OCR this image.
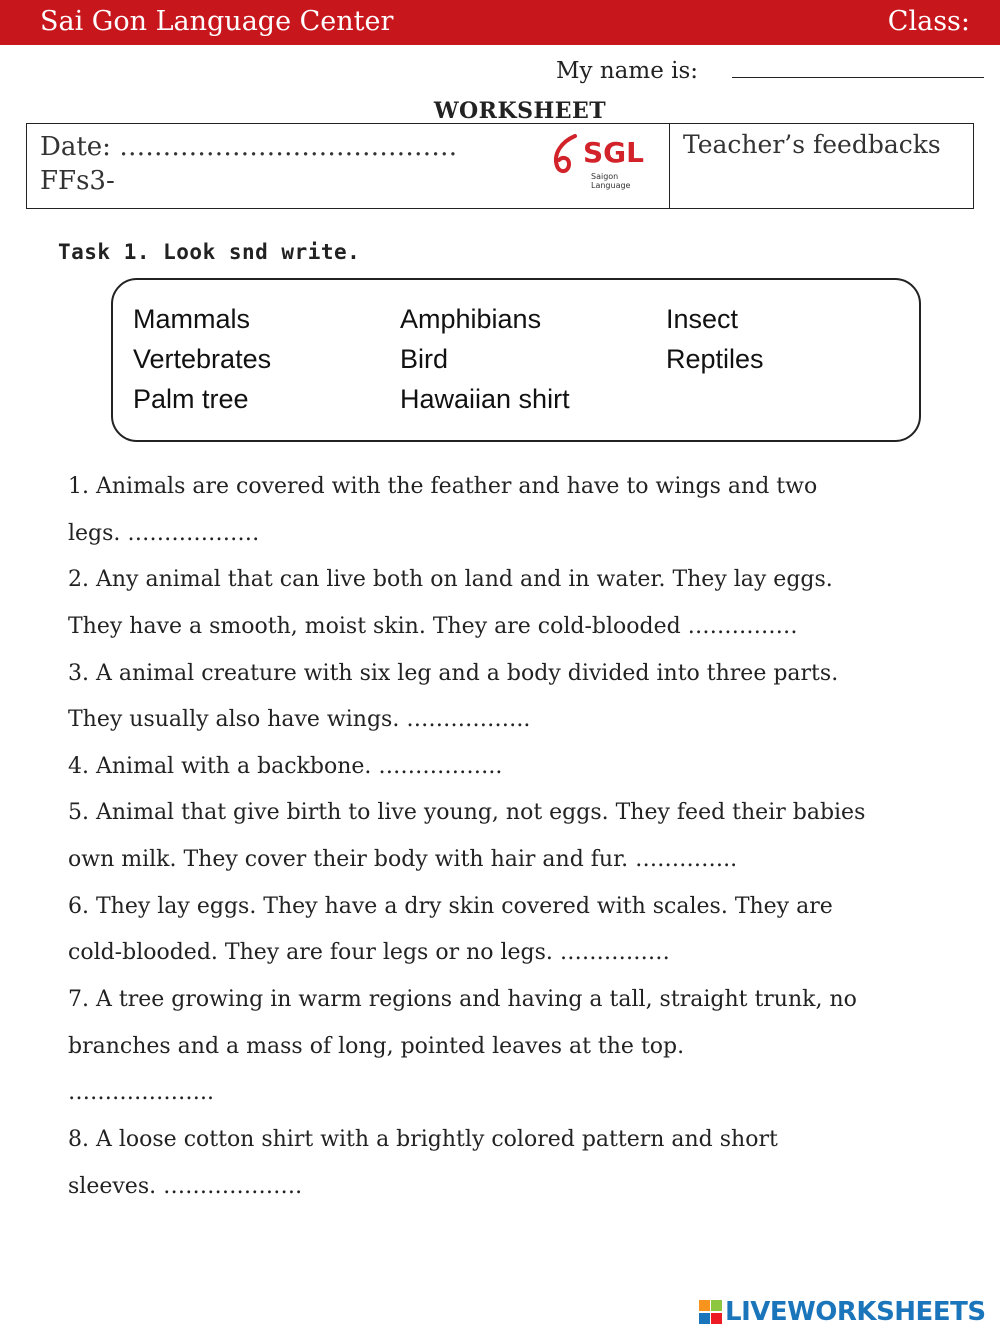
Sai Gon Language Center	Class:
My name is:
WORKSHEET
Date: …………………………………
FFs3-
SGL
Saigon Language
Teacher’s feedbacks
Task 1. Look snd write.
Mammals	Amphibians	Insect
Vertebrates	Bird	Reptiles
Palm tree	Hawaiian shirt
1. Animals are covered with the feather and have to wings and two
legs. ………………
2. Any animal that can live both on land and in water. They lay eggs.
They have a smooth, moist skin. They are cold-blooded ……………
3. A animal creature with six leg and a body divided into three parts.
They usually also have wings. ……………..
4. Animal with a backbone. ……………..
5. Animal that give birth to live young, not eggs. They feed their babies
own milk. They cover their body with hair and fur. …………..
6. They lay eggs. They have a dry skin covered with scales. They are
cold-blooded. They are four legs or no legs. ……………
7. A tree growing in warm regions and having a tall, straight trunk, no
branches and a mass of long, pointed leaves at the top.
………………..
8. A loose cotton shirt with a brightly colored pattern and short
sleeves. ……………….
LIVEWORKSHEETS
